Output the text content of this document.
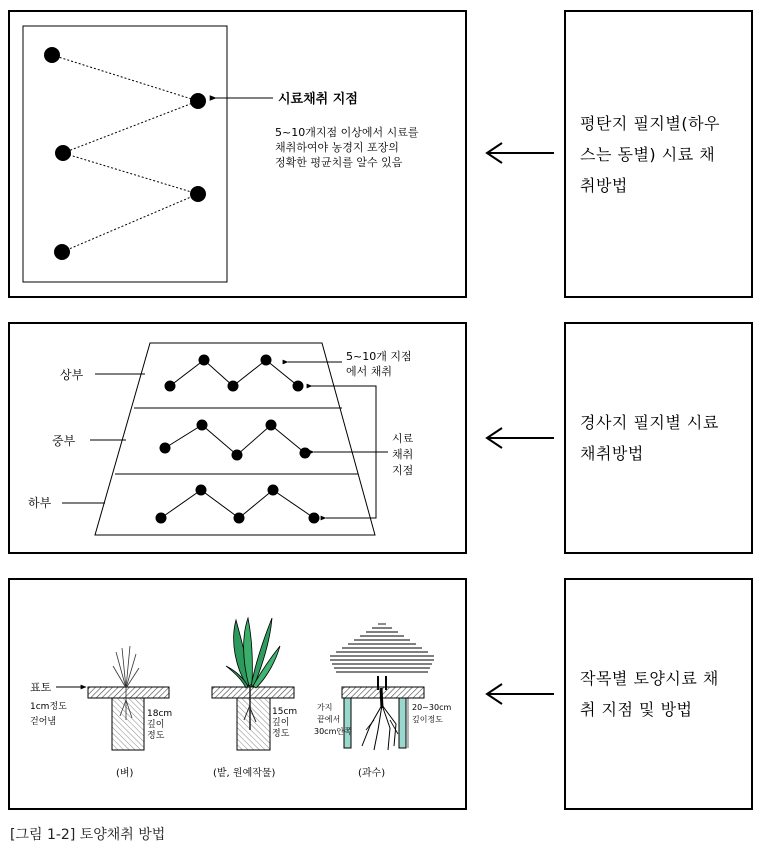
시료채취 지점
5~10개지점 이상에서 시료를
채취하여야 농경지 포장의
정확한 평균치를 알수 있음
평탄지 필지별(하우
스는 동별) 시료 채
취방법
상부
중부
하부
5~10개 지점
에서 채취
시료
채취
지점
경사지 필지별 시료
채취방법
18cm
깊이
정도
(벼)
15cm
깊이
정도
(밭, 원예작물)
가지
끝에서
30cm안쪽
20~30cm
깊이정도
(과수)
표토
1cm정도
걷어냄
작목별 토양시료 채
취 지점 및 방법
[그림 1-2] 토양채취 방법
